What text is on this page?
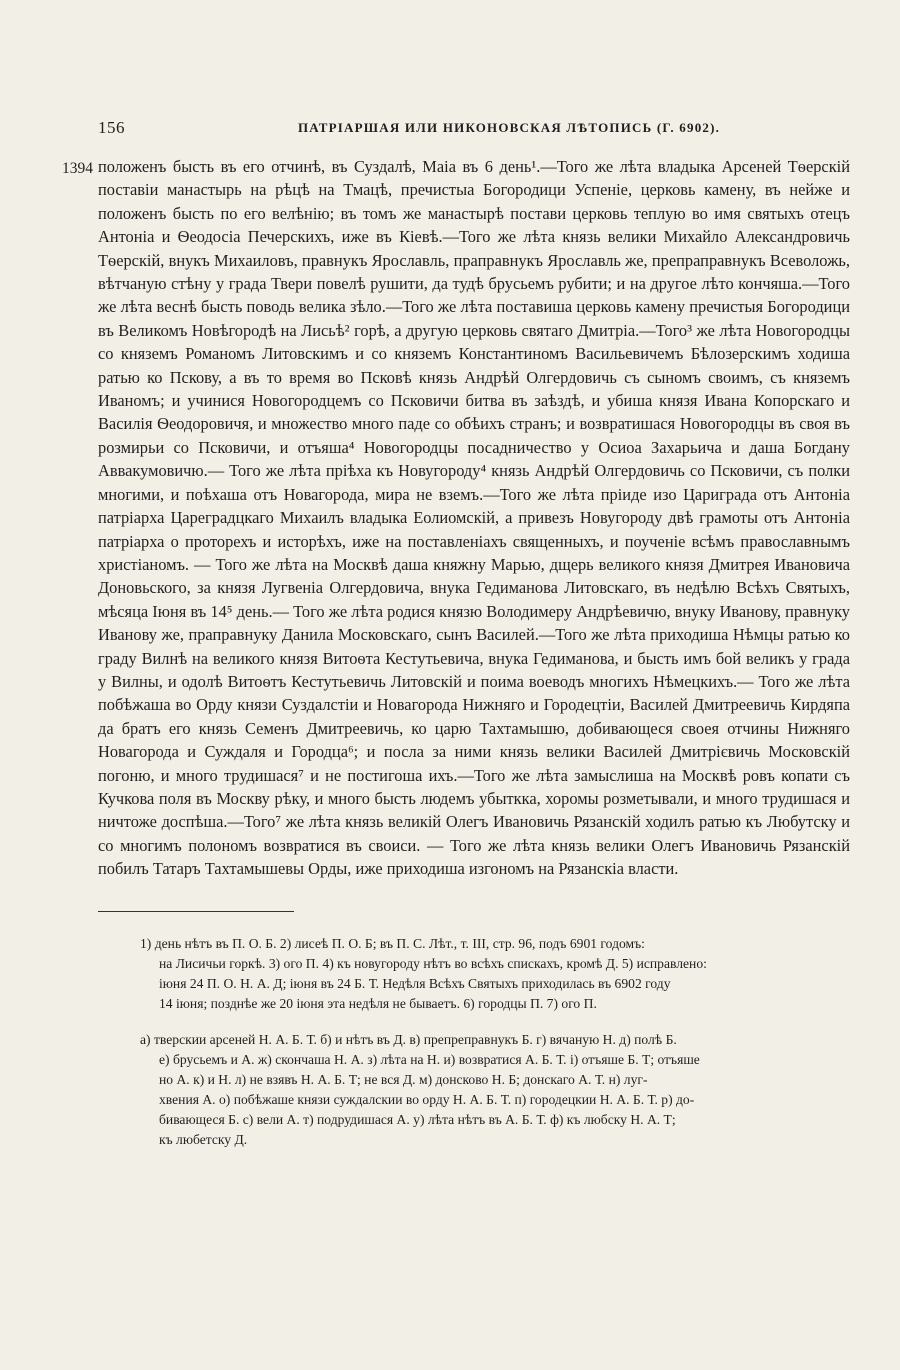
156	ПАТРІАРШАЯ ИЛИ НИКОНОВСКАЯ ЛѢТОПИСЬ (Г. 6902).
1394 положенъ бысть въ его отчинѣ, въ Суздалѣ, Маіа въ 6 день¹.—Того же лѣта владыка Арсеней Тѳерскій поставіи манастырь на рѣцѣ на Тмацѣ, пречистыа Богородици Успеніе, церковь камену, въ нейже и положенъ бысть по его велѣнію; въ томъ же манастырѣ постави церковь теплую во имя святыхъ отецъ Антоніа и Ѳеодосіа Печерскихъ, иже въ Кіевѣ.—Того же лѣта князь велики Михайло Александровичь Тѳерскій, внукъ Михаиловъ, правнукъ Ярославль, праправнукъ Ярославль же, препраправнукъ Всеволожь, вѣтчаную стѣну у града Твери повелѣ рушити, да тудѣ брусьемъ рубити; и на другое лѣто кончяша.—Того же лѣта веснѣ бысть поводь велика зѣло.—Того же лѣта поставиша церковь камену пречистыя Богородици въ Великомъ Новѣгородѣ на Лисьѣ² горѣ, а другую церковь святаго Дмитріа.—Того³ же лѣта Новогородцы со княземъ Романомъ Литовскимъ и со княземъ Константиномъ Васильевичемъ Бѣлозерскимъ ходиша ратью ко Пскову, а въ то время во Псковѣ князь Андрѣй Олгердовичь съ сыномъ своимъ, съ княземъ Иваномъ; и учинися Новогородцемъ со Псковичи битва въ заѣздѣ, и убиша князя Ивана Копорскаго и Василія Ѳеодоровичя, и множество много паде со обѣихъ странъ; и возвратишася Новогородцы въ своя въ розмирьи со Псковичи, и отъяша⁴ Новогородцы посадничество у Осиоа Захарьича и даша Богдану Аввакумовичю.— Того же лѣта пріѣха къ Новугороду⁴ князь Андрѣй Олгердовичь со Псковичи, съ полки многими, и поѣхаша отъ Новагорода, мира не вземъ.—Того же лѣта пріиде изо Цариграда отъ Антоніа патріарха Цареградцкаго Михаилъ владыка Еолиомскій, а привезъ Новугороду двѣ грамоты отъ Антоніа патріарха о проторехъ и исторѣхъ, иже на поставленіахъ священныхъ, и поученіе всѣмъ православнымъ христіаномъ. — Того же лѣта на Москвѣ даша княжну Марью, дщерь великого князя Дмитрея Ивановича Доновьского, за князя Лугвеніа Олгердовича, внука Гедиманова Литовскаго, въ недѣлю Всѣхъ Святыхъ, мѣсяца Іюня въ 14⁵ день.— Того же лѣта родися князю Володимеру Андрѣевичю, внуку Иванову, правнуку Иванову же, праправнуку Данила Московскаго, сынъ Василей.—Того же лѣта приходиша Нѣмцы ратью ко граду Вилнѣ на великого князя Витоѳта Кестутьевича, внука Гедиманова, и бысть имъ бой великъ у града у Вилны, и одолѣ Витоѳтъ Кестутьевичь Литовскій и поима воеводъ многихъ Нѣмецкихъ.— Того же лѣта побѣжаша во Орду князи Суздалстіи и Новагорода Нижняго и Городецтіи, Василей Дмитреевичь Кирдяпа да братъ его князь Семенъ Дмитреевичь, ко царю Тахтамышю, добивающеся своея отчины Нижняго Новагорода и Суждаля и Городца⁶; и посла за ними князь велики Василей Дмитрієвичь Московскій погоню, и много трудишася⁷ и не постигоша ихъ.—Того же лѣта замыслиша на Москвѣ ровъ копати съ Кучкова поля въ Москву рѣку, и много бысть людемъ убыткка, хоромы розметывали, и много трудишася и ничтоже доспѣша.—Того⁷ же лѣта князь великій Олегъ Ивановичь Рязанскій ходилъ ратью къ Любутску и со многимъ полономъ возвратися въ своиси. — Того же лѣта князь велики Олегъ Ивановичь Рязанскій побилъ Татаръ Тахтамышевы Орды, иже приходиша изгономъ на Рязанскіа власти.

1) день нѣтъ въ П. О. Б. 2) лисеѣ П. О. Б; въ П. С. Лѣт., т. III, стр. 96, подъ 6901 годомъ:
на Лисичьи горкѣ. 3) ого П. 4) къ новугороду нѣтъ во всѣхъ спискахъ, кромѣ Д. 5) исправлено:
іюня 24 П. О. Н. А. Д; іюня въ 24 Б. Т. Недѣля Всѣхъ Святыхъ приходилась въ 6902 году
14 іюня; позднѣе же 20 іюня эта недѣля не бываетъ. 6) городцы П. 7) ого П.
а) тверскии арсеней Н. А. Б. Т. б) и нѣтъ въ Д. в) препреправнукъ Б. г) вячаную Н. д) полѣ Б.
е) брусьемъ и А. ж) скончаша Н. А. з) лѣта на Н. и) возвратися А. Б. Т. і) отъяше Б. Т; отъяше
но А. к) и Н. л) не взявъ Н. А. Б. Т; не вся Д. м) донсково Н. Б; донскаго А. Т. н) луг-
хвения А. о) побѣжаше князи суждалскии во орду Н. А. Б. Т. п) городецкии Н. А. Б. Т. р) до-
бивающеся Б. с) вели А. т) подрудишася А. у) лѣта нѣтъ въ А. Б. Т. ф) къ любску Н. А. Т;
къ любетску Д.
